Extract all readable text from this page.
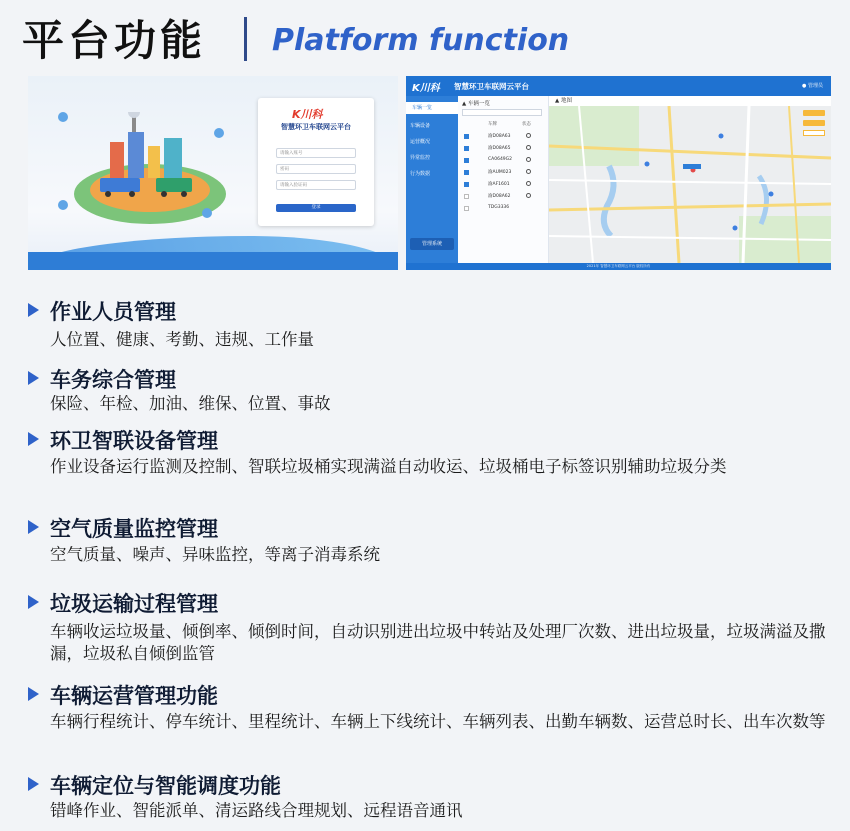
平台功能 Platform function
K川科
智慧环卫车联网云平台
请输入账号
密码
请输入验证码
登录
K川科 智慧环卫车联网云平台	● 管理员
车辆一览
车辆设备
运营概况
异常监控
行为数据
管理系统
▲ 车辆一览
车牌	状态
渝D08A63
渝D08A65
CA0649G2
渝AUM023
渝AF1601
渝D08A62
TDG3336
▲ 地图
2021年 智慧环卫车联网云平台 版权所有
作业人员管理
人位置、健康、考勤、违规、工作量
车务综合管理
保险、年检、加油、维保、位置、事故
环卫智联设备管理
作业设备运行监测及控制、智联垃圾桶实现满溢自动收运、垃圾桶电子标签识别辅助垃圾分类
空气质量监控管理
空气质量、噪声、异味监控，等离子消毒系统
垃圾运输过程管理
车辆收运垃圾量、倾倒率、倾倒时间，自动识别进出垃圾中转站及处理厂次数、进出垃圾量，垃圾满溢及撒漏，垃圾私自倾倒监管
车辆运营管理功能
车辆行程统计、停车统计、里程统计、车辆上下线统计、车辆列表、出勤车辆数、运营总时长、出车次数等
车辆定位与智能调度功能
错峰作业、智能派单、清运路线合理规划、远程语音通讯
